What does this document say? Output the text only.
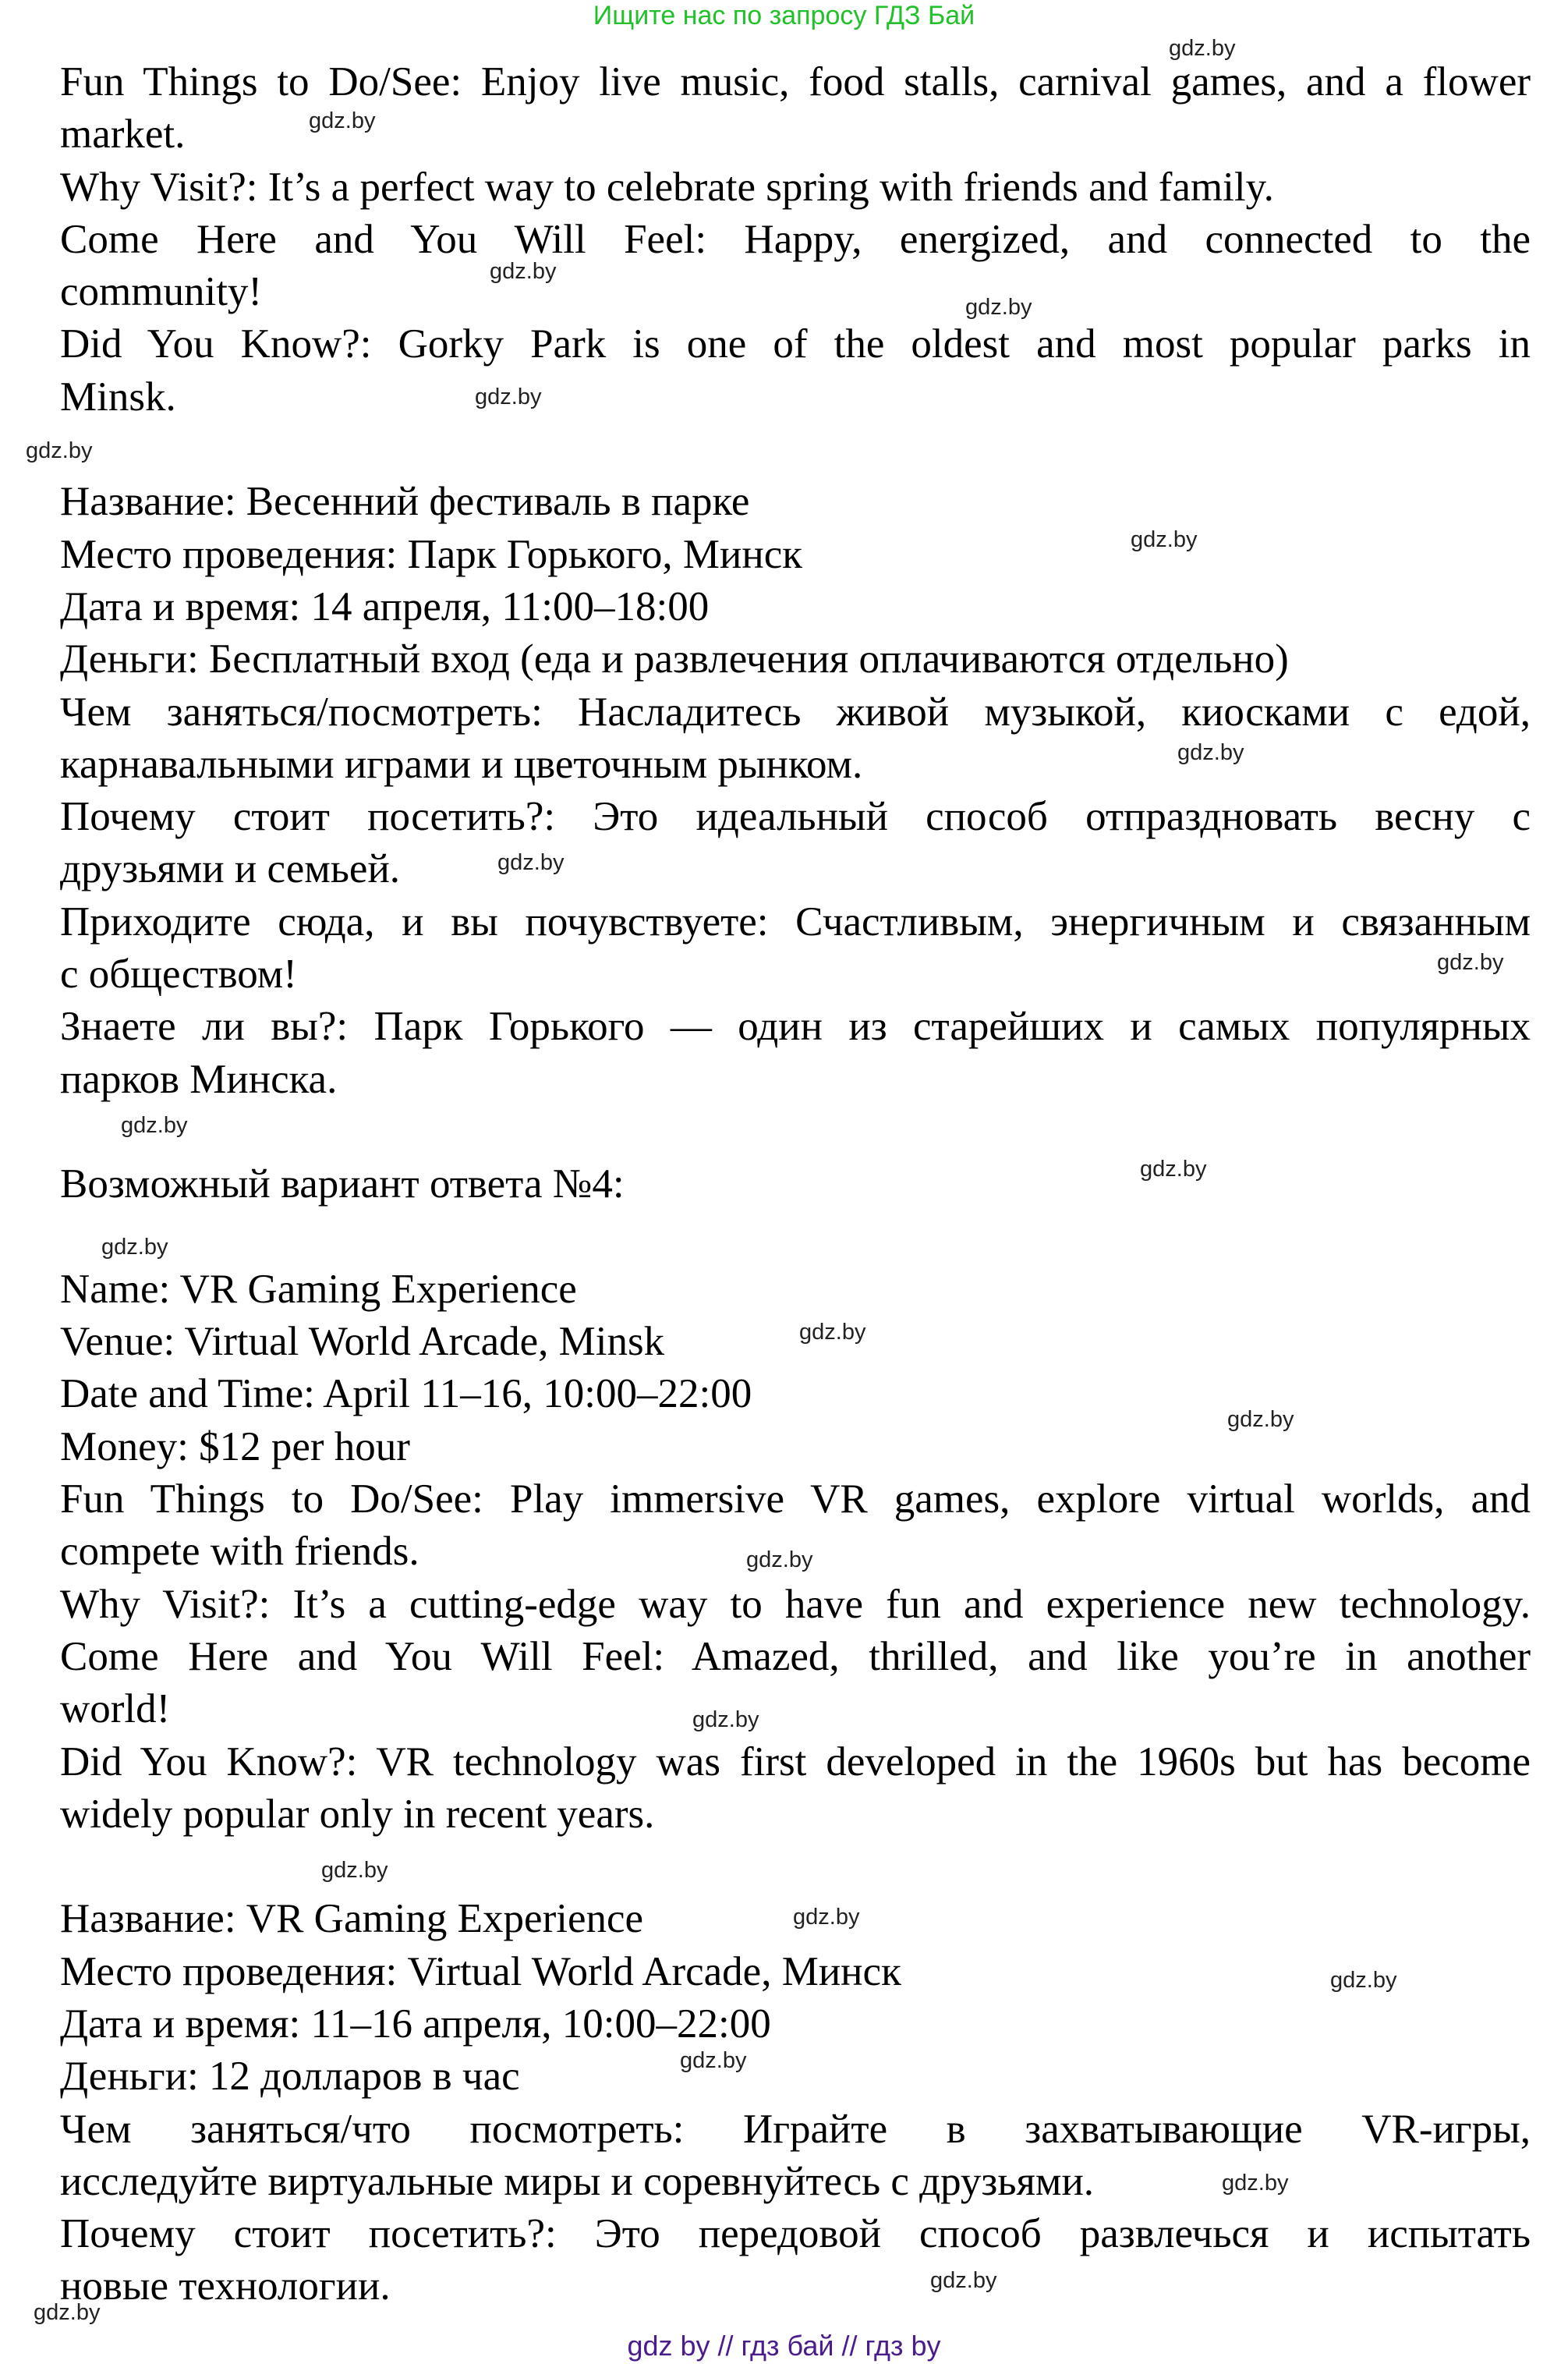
Ищите нас по запросу ГДЗ Бай
Fun Things to Do/See: Enjoy live music, food stalls, carnival games, and a flower
market.
Why Visit?: It’s a perfect way to celebrate spring with friends and family.
Come Here and You Will Feel: Happy, energized, and connected to the
community!
Did You Know?: Gorky Park is one of the oldest and most popular parks in
Minsk.
Название: Весенний фестиваль в парке
Место проведения: Парк Горького, Минск
Дата и время: 14 апреля, 11:00–18:00
Деньги: Бесплатный вход (еда и развлечения оплачиваются отдельно)
Чем заняться/посмотреть: Насладитесь живой музыкой, киосками с едой,
карнавальными играми и цветочным рынком.
Почему стоит посетить?: Это идеальный способ отпраздновать весну с
друзьями и семьей.
Приходите сюда, и вы почувствуете: Счастливым, энергичным и связанным
с обществом!
Знаете ли вы?: Парк Горького — один из старейших и самых популярных
парков Минска.
Возможный вариант ответа №4:
Name: VR Gaming Experience
Venue: Virtual World Arcade, Minsk
Date and Time: April 11–16, 10:00–22:00
Money: $12 per hour
Fun Things to Do/See: Play immersive VR games, explore virtual worlds, and
compete with friends.
Why Visit?: It’s a cutting-edge way to have fun and experience new technology.
Come Here and You Will Feel: Amazed, thrilled, and like you’re in another
world!
Did You Know?: VR technology was first developed in the 1960s but has become
widely popular only in recent years.
Название: VR Gaming Experience
Место проведения: Virtual World Arcade, Минск
Дата и время: 11–16 апреля, 10:00–22:00
Деньги: 12 долларов в час
Чем заняться/что посмотреть: Играйте в захватывающие VR-игры,
исследуйте виртуальные миры и соревнуйтесь с друзьями.
Почему стоит посетить?: Это передовой способ развлечься и испытать
новые технологии.
gdz.by
gdz.by
gdz.by
gdz.by
gdz.by
gdz.by
gdz.by
gdz.by
gdz.by
gdz.by
gdz.by
gdz.by
gdz.by
gdz.by
gdz.by
gdz.by
gdz.by
gdz.by
gdz.by
gdz.by
gdz.by
gdz.by
gdz.by
gdz.by
gdz by // гдз бай // гдз by
